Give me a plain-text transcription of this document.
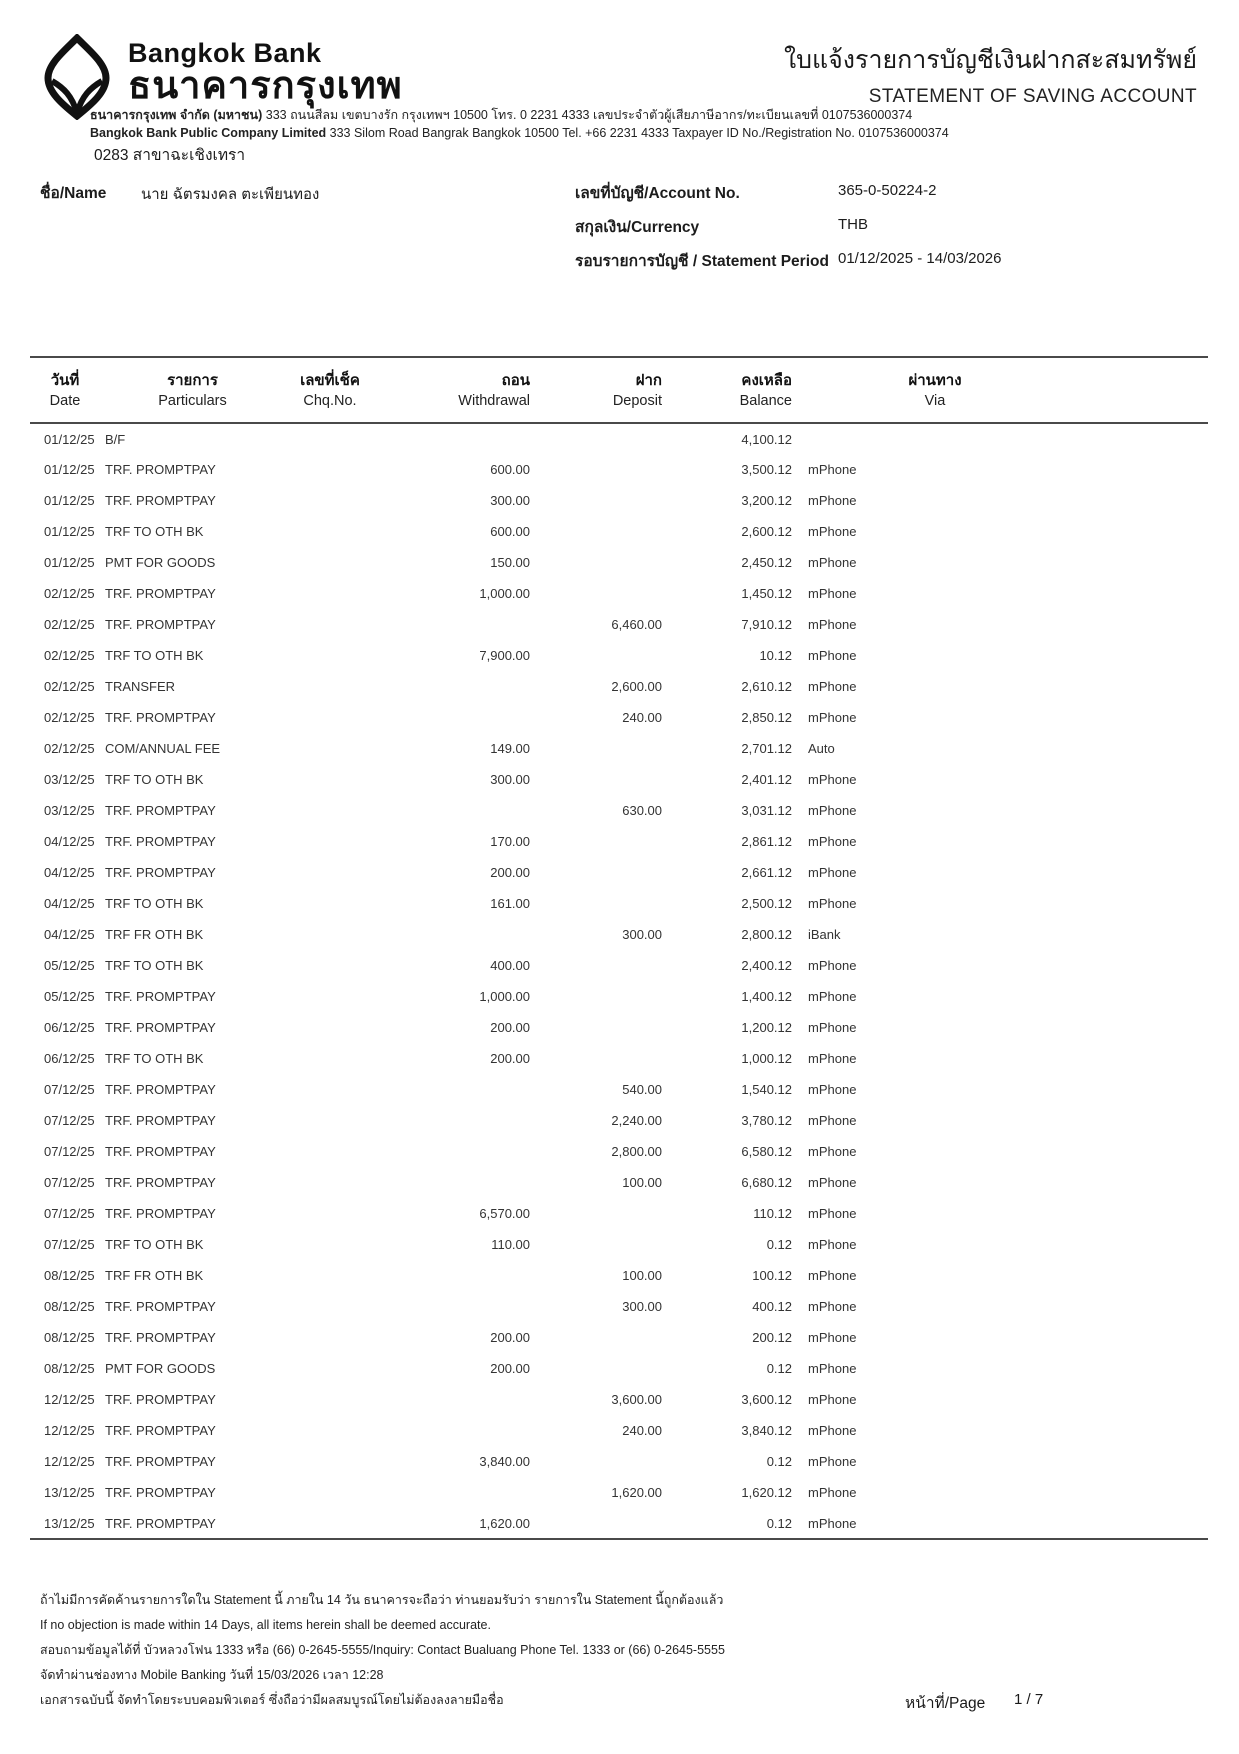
Bangkok Bank
ธนาคารกรุงเทพ
ใบแจ้งรายการบัญชีเงินฝากสะสมทรัพย์
STATEMENT OF SAVING ACCOUNT
ธนาคารกรุงเทพ จำกัด (มหาชน) 333 ถนนสีลม เขตบางรัก กรุงเทพฯ 10500 โทร. 0 2231 4333 เลขประจำตัวผู้เสียภาษีอากร/ทะเบียนเลขที่ 0107536000374
Bangkok Bank Public Company Limited 333 Silom Road Bangrak Bangkok 10500 Tel. +66 2231 4333 Taxpayer ID No./Registration No. 0107536000374
0283 สาขาฉะเชิงเทรา
ชื่อ/Name นาย ฉัตรมงคล ตะเพียนทอง	เลขที่บัญชี/Account No.	365-0-50224-2
สกุลเงิน/Currency	THB
รอบรายการบัญชี / Statement Period 01/12/2025 - 14/03/2026
วันที่	รายการ	เลขที่เช็ค	ถอน	ฝาก	คงเหลือ	ผ่านทาง
Date	Particulars	Chq.No.	Withdrawal	Deposit	Balance	Via
01/12/25	B/F				4,100.12	
01/12/25	TRF. PROMPTPAY		600.00		3,500.12	mPhone
01/12/25	TRF. PROMPTPAY		300.00		3,200.12	mPhone
01/12/25	TRF TO OTH BK		600.00		2,600.12	mPhone
01/12/25	PMT FOR GOODS		150.00		2,450.12	mPhone
02/12/25	TRF. PROMPTPAY		1,000.00		1,450.12	mPhone
02/12/25	TRF. PROMPTPAY			6,460.00	7,910.12	mPhone
02/12/25	TRF TO OTH BK		7,900.00		10.12	mPhone
02/12/25	TRANSFER			2,600.00	2,610.12	mPhone
02/12/25	TRF. PROMPTPAY			240.00	2,850.12	mPhone
02/12/25	COM/ANNUAL FEE		149.00		2,701.12	Auto
03/12/25	TRF TO OTH BK		300.00		2,401.12	mPhone
03/12/25	TRF. PROMPTPAY			630.00	3,031.12	mPhone
04/12/25	TRF. PROMPTPAY		170.00		2,861.12	mPhone
04/12/25	TRF. PROMPTPAY		200.00		2,661.12	mPhone
04/12/25	TRF TO OTH BK		161.00		2,500.12	mPhone
04/12/25	TRF FR OTH BK			300.00	2,800.12	iBank
05/12/25	TRF TO OTH BK		400.00		2,400.12	mPhone
05/12/25	TRF. PROMPTPAY		1,000.00		1,400.12	mPhone
06/12/25	TRF. PROMPTPAY		200.00		1,200.12	mPhone
06/12/25	TRF TO OTH BK		200.00		1,000.12	mPhone
07/12/25	TRF. PROMPTPAY			540.00	1,540.12	mPhone
07/12/25	TRF. PROMPTPAY			2,240.00	3,780.12	mPhone
07/12/25	TRF. PROMPTPAY			2,800.00	6,580.12	mPhone
07/12/25	TRF. PROMPTPAY			100.00	6,680.12	mPhone
07/12/25	TRF. PROMPTPAY		6,570.00		110.12	mPhone
07/12/25	TRF TO OTH BK		110.00		0.12	mPhone
08/12/25	TRF FR OTH BK			100.00	100.12	mPhone
08/12/25	TRF. PROMPTPAY			300.00	400.12	mPhone
08/12/25	TRF. PROMPTPAY		200.00		200.12	mPhone
08/12/25	PMT FOR GOODS		200.00		0.12	mPhone
12/12/25	TRF. PROMPTPAY			3,600.00	3,600.12	mPhone
12/12/25	TRF. PROMPTPAY			240.00	3,840.12	mPhone
12/12/25	TRF. PROMPTPAY		3,840.00		0.12	mPhone
13/12/25	TRF. PROMPTPAY			1,620.00	1,620.12	mPhone
13/12/25	TRF. PROMPTPAY		1,620.00		0.12	mPhone
ถ้าไม่มีการคัดค้านรายการใดใน Statement นี้ ภายใน 14 วัน ธนาคารจะถือว่า ท่านยอมรับว่า รายการใน Statement นี้ถูกต้องแล้ว
If no objection is made within 14 Days, all items herein shall be deemed accurate.
สอบถามข้อมูลได้ที่ บัวหลวงโฟน 1333 หรือ (66) 0-2645-5555/Inquiry: Contact Bualuang Phone Tel. 1333 or (66) 0-2645-5555
จัดทำผ่านช่องทาง Mobile Banking วันที่ 15/03/2026 เวลา 12:28
เอกสารฉบับนี้ จัดทำโดยระบบคอมพิวเตอร์ ซึ่งถือว่ามีผลสมบูรณ์โดยไม่ต้องลงลายมือชื่อ	หน้าที่/Page 1 / 7
